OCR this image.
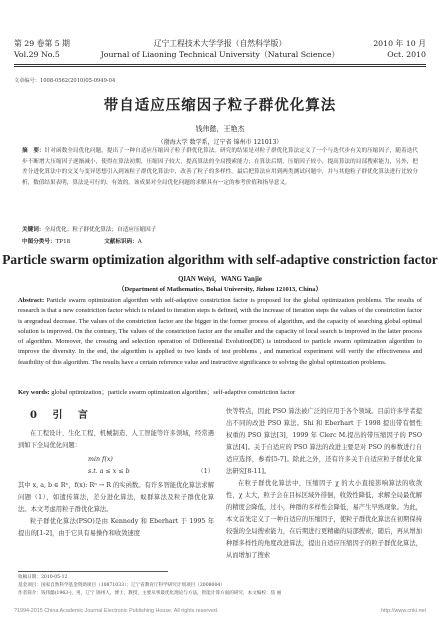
第 29 卷第 5 期	辽宁工程技术大学学报（自然科学版）	2010 年 10 月
Vol.29 No.5	Journal of Liaoning Technical University（Natural Science）	Oct. 2010
文章编号：1008-0562(2010)05-0949-04
带自适应压缩因子粒子群优化算法
钱伟懿，王艳杰
（渤海大学 数学系，辽宁省 锦州市 121013）
摘　要：针对函数全局优化问题，提出了一种自适应压缩因子粒子群优化算法。研究的结果是对粒子群优化算法定义了一个与迭代步有关的压缩因子，随着迭代步不断增大压缩因子逐渐减小，使得在算法初期，压缩因子较大，提高算法的全局搜索能力；在算法后期，压缩因子较小，提高算法的局部搜索能力，另外，把差分进化算法中的交叉与变异思想引入到该粒子群优化算法中，改善了粒子的多样性。最后把算法应用到两类测试问题中，并与其他粒子群优化算法进行比较分析，数值结果表明，算法是可行的、有效的。该成果对全局优化问题的求解具有一定的参考价值和指导意义。
关键词：全局优化；粒子群优化算法；自适应压缩因子
中图分类号：TP18	文献标识码：A
Particle swarm optimization algorithm with self-adaptive constriction factor
QIAN Weiyi，WANG Yanjie
（Department of Mathematics, Bohai University, Jizhou 121013, China）
Abstract: Particle swarm optimization algorithm with self-adaptive constriction factor is proposed for the global optimization problems. The results of research is that a new constriction factor which is related to iteration steps is defined, with the increase of iteration steps the values of the constriction factor is aregradual decrease. The values of the constriction factor are the bigger in the former process of algorithm, and the capacity of searching global optimal solution is improved. On the contrary, The values of the constriction factor are the smaller and the capacity of local search is improved in the latter process of algorithm. Moreover, the crossing and selection operation of Differential Evolution(DE) is introduced to particle swarm optimization algorithm to improve the diversity. In the end, the algorithm is applied to two kinds of test problems , and numerical experiment will verify the effectiveness and feasibility of this algorithm. The results have a certain reference value and instructive significance to solving the global optimization problems.
Key words: global optimization；particle swarm optimization algorithm；self-adaptive constriction factor
0 引 言

在工程设计、生化工程、机械制造、人工智能等许多领域，经常遇到如下全局优化问题：

min f(x)
s.t. a ≤ x ≤ b	（1）

其中 x, a, b ∈ Rⁿ，f(x): Rⁿ → R 的实函数。有许多智能优化算法求解问题（1），如遗传算法，差分进化算法，蚁群算法及粒子群优化算法。本文考虑用粒子群优化算法。

粒子群优化算法(PSO)是由 Kennedy 和 Eberhart 于 1995 年提出的[1-2]，由于它具有易操作和收敛速度

快等特点，因此 PSO 算法被广泛的应用于各个领域。目前许多学者提出不同的改进 PSO 算法。Shi 和 Eberhart 于 1998 提出带有惯性权重的 PSO 算法[3]，1999 年 Clerc M.提出的带压缩因子的 PSO 算法[4]。关于自适应的 PSO 算法的改进主要是对 PSO 的参数进行自适应选择，参看[5-7]。除此之外，还有许多关于自适应粒子群优化算法研究[8-11]。

在粒子群优化算法中，压缩因子 χ 的大小直接影响算法的收敛性，χ 太大，粒子会在目标区域外徘徊，收敛性降低，求解全局最优解的精度会降低，过小，种群的多样性会降低，易产生早熟现象。为此，本文首先定义了一种自适应的压缩因子，使粒子群优化算法在初期保持较强的全局搜索能力，在后期进行更精确的局部搜索，随后，再从增加种群多样性的角度改进算法，提出自适应压缩因子的粒子群优化算法，从而增加了搜索

收稿日期：2010-05-12
基金项目：国家自然科学基金资助项目（10871033）；辽宁省教育厅科学研究计划项目（2008004）
作者简介：钱伟懿(1963-)，男，辽宁 锦州人，博士，教授，主要从事最优化理论与方法，智能计算方面的研究，本文编校：焦 丽
?1994-2015 China Academic Journal Electronic Publishing House. All rights reserved.	http://www.cnki.net
